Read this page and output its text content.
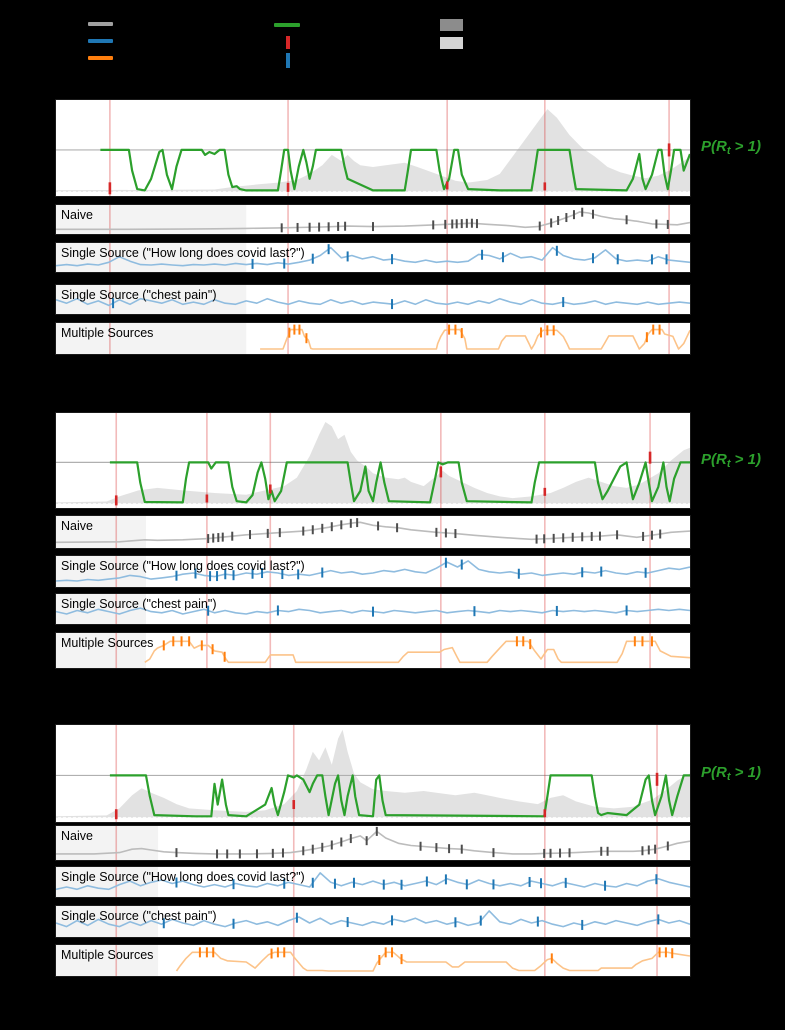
$P(R_t > 1)$
Naive
Single Source ("How long does covid last?")
Single Source ("chest pain")
Multiple Sources
$P(R_t > 1)$
Naive
Single Source ("How long does covid last?")
Single Source ("chest pain")
Multiple Sources
$P(R_t > 1)$
Naive
Single Source ("How long does covid last?")
Single Source ("chest pain")
Multiple Sources
